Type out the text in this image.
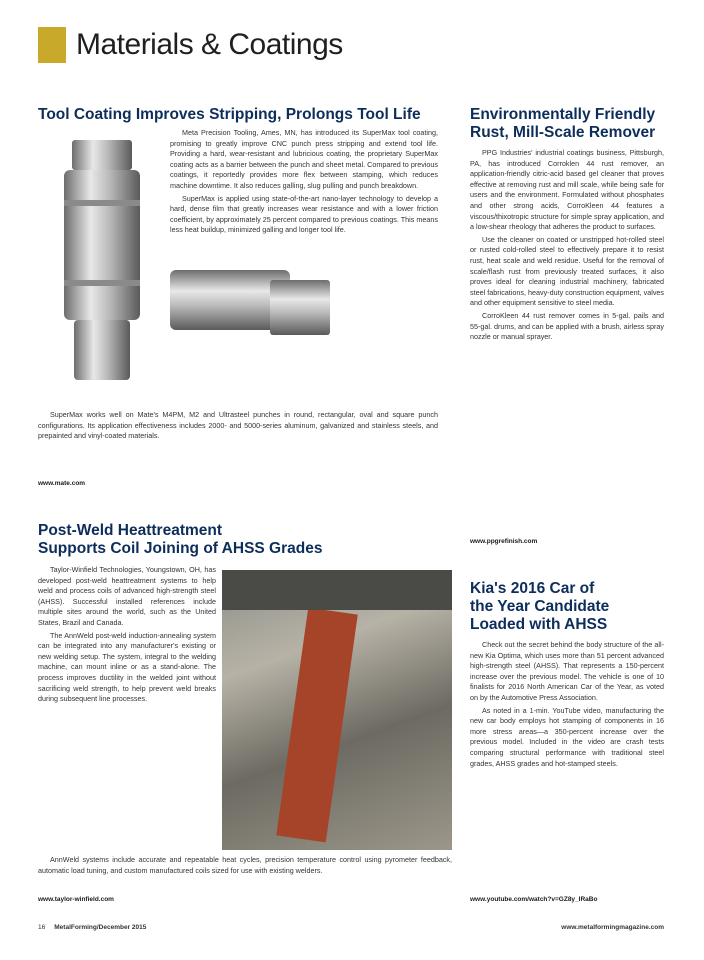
Materials & Coatings
Tool Coating Improves Stripping, Prolongs Tool Life

Meta Precision Tooling, Ames, MN, has introduced its SuperMax tool coating, promising to greatly improve CNC punch press stripping and extend tool life. Providing a hard, wear-resistant and lubricious coating, the proprietary SuperMax coating acts as a barrier between the punch and sheet metal. Compared to previous coatings, it reportedly provides more flex between stamping, which reduces machine downtime. It also reduces galling, slug pulling and punch breakdown.

SuperMax is applied using state-of-the-art nano-layer technology to develop a hard, dense film that greatly increases wear resistance and with a lower friction coefficient, by approximately 25 percent compared to previous coatings. This means less heat buildup, minimized galling and longer tool life.

SuperMax works well on Mate's M4PM, M2 and Ultrasteel punches in round, rectangular, oval and square punch configurations. Its application effectiveness includes 2000- and 5000-series aluminum, galvanized and stainless steels, and prepainted and vinyl-coated materials.

www.mate.com
Post-Weld Heattreatment
Supports Coil Joining of AHSS Grades

Taylor-Winfield Technologies, Youngstown, OH, has developed post-weld heattreatment systems to help weld and process coils of advanced high-strength steel (AHSS). Successful installed references include multiple sites around the world, such as the United States, Brazil and Canada.

The AnnWeld post-weld induction-annealing system can be integrated into any manufacturer's existing or new welding setup. The system, integral to the welding machine, can mount inline or as a stand-alone. The process improves ductility in the welded joint without sacrificing weld strength, to help prevent weld breaks during subsequent line processes.

AnnWeld systems include accurate and repeatable heat cycles, precision temperature control using pyrometer feedback, automatic load tuning, and custom manufactured coils sized for use with existing welders.

www.taylor-winfield.com
Environmentally Friendly
Rust, Mill-Scale Remover

PPG Industries' industrial coatings business, Pittsburgh, PA, has introduced Corroklen 44 rust remover, an application-friendly citric-acid based gel cleaner that proves effective at removing rust and mill scale, while being safe for users and the environment. Formulated without phosphates and other strong acids, CorroKleen 44 features a viscous/thixotropic structure for simple spray application, and a low-shear rheology that adheres the product to surfaces.

Use the cleaner on coated or unstripped hot-rolled steel or rusted cold-rolled steel to effectively prepare it to resist rust, heat scale and weld residue. Useful for the removal of scale/flash rust from previously treated surfaces, it also proves ideal for cleaning industrial machinery, fabricated steel fabrications, heavy-duty construction equipment, valves and other equipment sensitive to steel media.

CorroKleen 44 rust remover comes in 5-gal. pails and 55-gal. drums, and can be applied with a brush, airless spray nozzle or manual sprayer.

www.ppgrefinish.com
Kia's 2016 Car of
the Year Candidate
Loaded with AHSS

Check out the secret behind the body structure of the all-new Kia Optima, which uses more than 51 percent advanced high-strength steel (AHSS). That represents a 150-percent increase over the previous model. The vehicle is one of 10 finalists for 2016 North American Car of the Year, as voted on by the Automotive Press Association.

As noted in a 1-min. YouTube video, manufacturing the new car body employs hot stamping of components in 16 more stress areas—a 350-percent increase over the previous model. Included in the video are crash tests comparing structural performance with traditional steel grades, AHSS grades and hot-stamped steels.

www.youtube.com/watch?v=GZ8y_IRaBo
16 MetalForming/December 2015	www.metalformingmagazine.com
